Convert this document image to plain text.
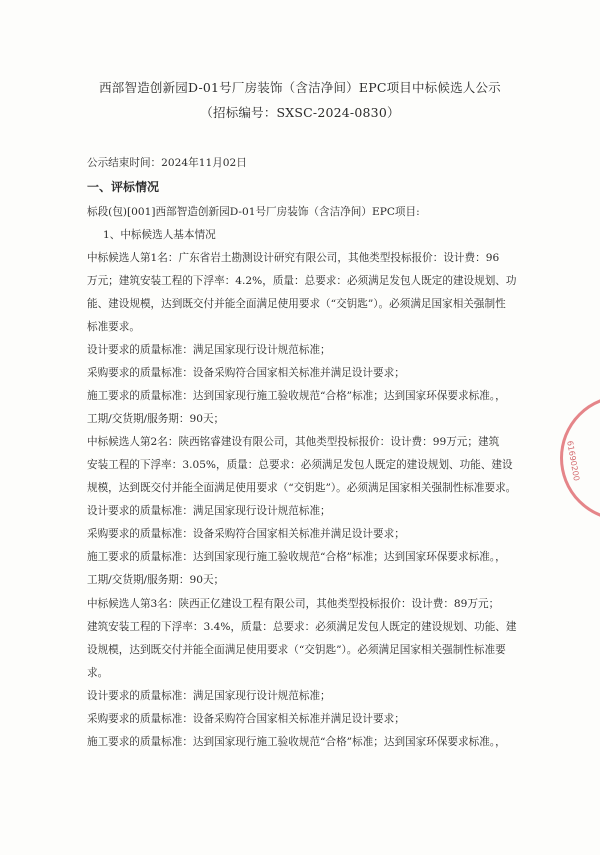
西部智造创新园D-01号厂房装饰（含洁净间）EPC项目中标候选人公示
（招标编号：SXSC-2024-0830）
公示结束时间：2024年11月02日
一、评标情况
标段(包)[001]西部智造创新园D-01号厂房装饰（含洁净间）EPC项目:
1、中标候选人基本情况
中标候选人第1名：广东省岩土勘测设计研究有限公司，其他类型投标报价：设计费：96
万元；建筑安装工程的下浮率：4.2%，质量：总要求：必须满足发包人既定的建设规划、功
能、建设规模，达到既交付并能全面满足使用要求（“交钥匙”）。必须满足国家相关强制性
标准要求。
设计要求的质量标准：满足国家现行设计规范标准；
采购要求的质量标准：设备采购符合国家相关标准并满足设计要求；
施工要求的质量标准：达到国家现行施工验收规范“合格”标准；达到国家环保要求标准。，
工期/交货期/服务期：90天；
中标候选人第2名：陕西铭睿建设有限公司，其他类型投标报价：设计费：99万元；建筑
安装工程的下浮率：3.05%，质量：总要求：必须满足发包人既定的建设规划、功能、建设
规模，达到既交付并能全面满足使用要求（“交钥匙”）。必须满足国家相关强制性标准要求。
设计要求的质量标准：满足国家现行设计规范标准；
采购要求的质量标准：设备采购符合国家相关标准并满足设计要求；
施工要求的质量标准：达到国家现行施工验收规范“合格”标准；达到国家环保要求标准。，
工期/交货期/服务期：90天；
中标候选人第3名：陕西正亿建设工程有限公司，其他类型投标报价：设计费：89万元；
建筑安装工程的下浮率：3.4%，质量：总要求：必须满足发包人既定的建设规划、功能、建
设规模，达到既交付并能全面满足使用要求（“交钥匙”）。必须满足国家相关强制性标准要
求。
设计要求的质量标准：满足国家现行设计规范标准；
采购要求的质量标准：设备采购符合国家相关标准并满足设计要求；
施工要求的质量标准：达到国家现行施工验收规范“合格”标准；达到国家环保要求标准。，
61690200
